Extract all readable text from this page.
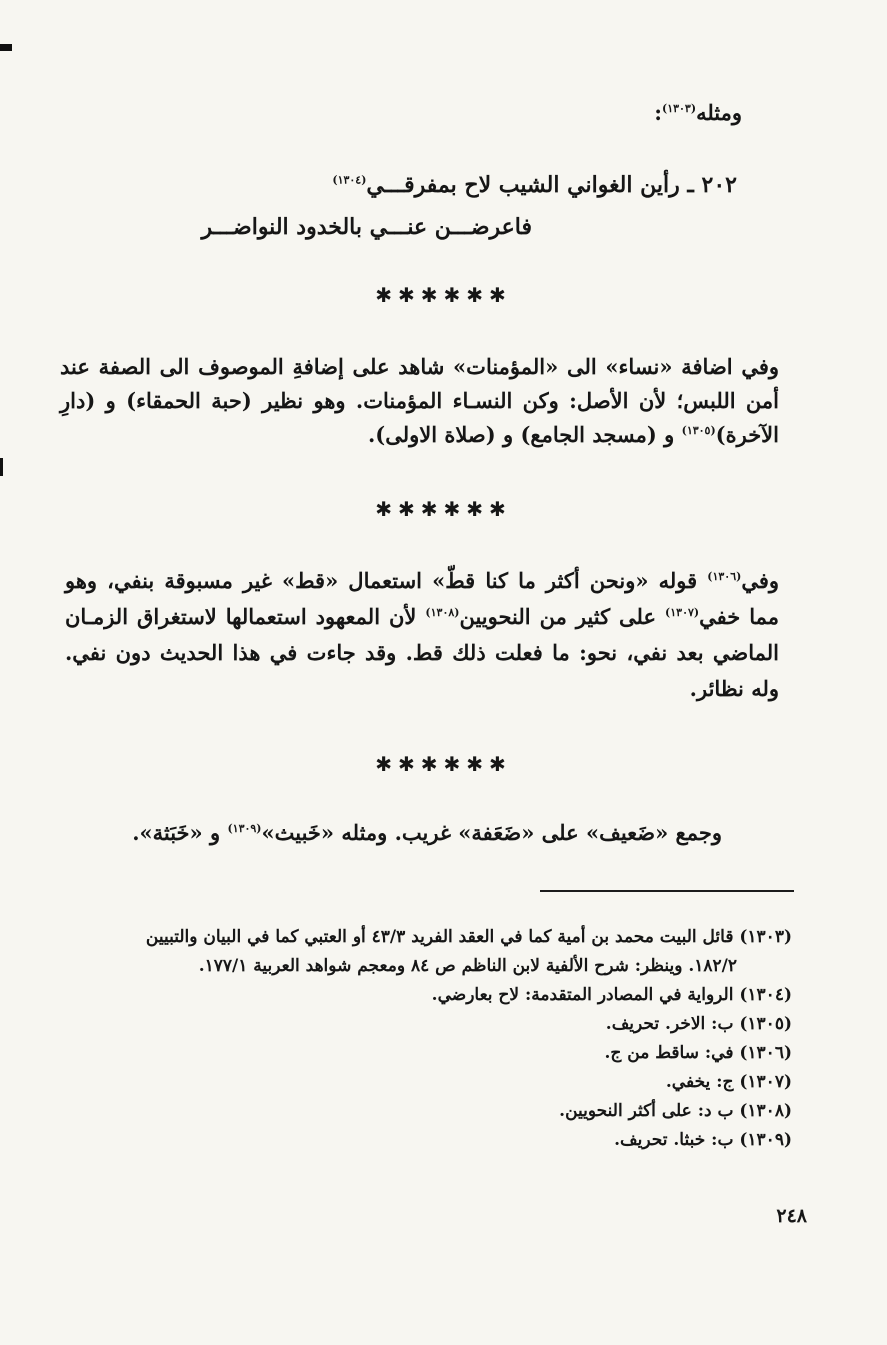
ومثله$^{(١٣٠٣)}$:
٢٠٢ ـ رأين الغواني الشيب لاح بمفرقـــي$^{(١٣٠٤)}$
فاعرضـــن عنـــي بالخدود النواضـــر
✱✱✱✱✱✱
وفي اضافة «نساء» الى «المؤمنات» شاهد على إضافةِ الموصوف الى الصفة عند
أمن اللبس؛ لأن الأصل: وكن النسـاء المؤمنات. وهو نظير (حبة الحمقاء) و (دارِ
الآخرة)$^{(١٣٠٥)}$ و (مسجد الجامع) و (صلاة الاولى).
✱✱✱✱✱✱
وفي$^{(١٣٠٦)}$ قوله «ونحن أكثر ما كنا قطّ» استعمال «قط» غير مسبوقة بنفي، وهو
مما خفي$^{(١٣٠٧)}$ على كثير من النحويين$^{(١٣٠٨)}$ لأن المعهود استعمالها لاستغراق الزمـان
الماضي بعد نفي، نحو: ما فعلت ذلك قط. وقد جاءت في هذا الحديث دون نفي.
وله نظائر.
✱✱✱✱✱✱
وجمع «ضَعيف» على «ضَعَفة» غريب. ومثله «خَبيث»$^{(١٣٠٩)}$ و «خَبَثة».
(١٣٠٣) قائل البيت محمد بن أمية كما في العقد الفريد ٤٣/٣ أو العتبي كما في البيان والتبيين
١٨٢/٢. وينظر: شرح الألفية لابن الناظم ص ٨٤ ومعجم شواهد العربية ١٧٧/١.
(١٣٠٤) الرواية في المصادر المتقدمة: لاح بعارضي.
(١٣٠٥) ب: الاخر. تحريف.
(١٣٠٦) في: ساقط من ج.
(١٣٠٧) ج: يخفي.
(١٣٠٨) ب د: على أكثر النحويين.
(١٣٠٩) ب: خبثا. تحريف.
٢٤٨
